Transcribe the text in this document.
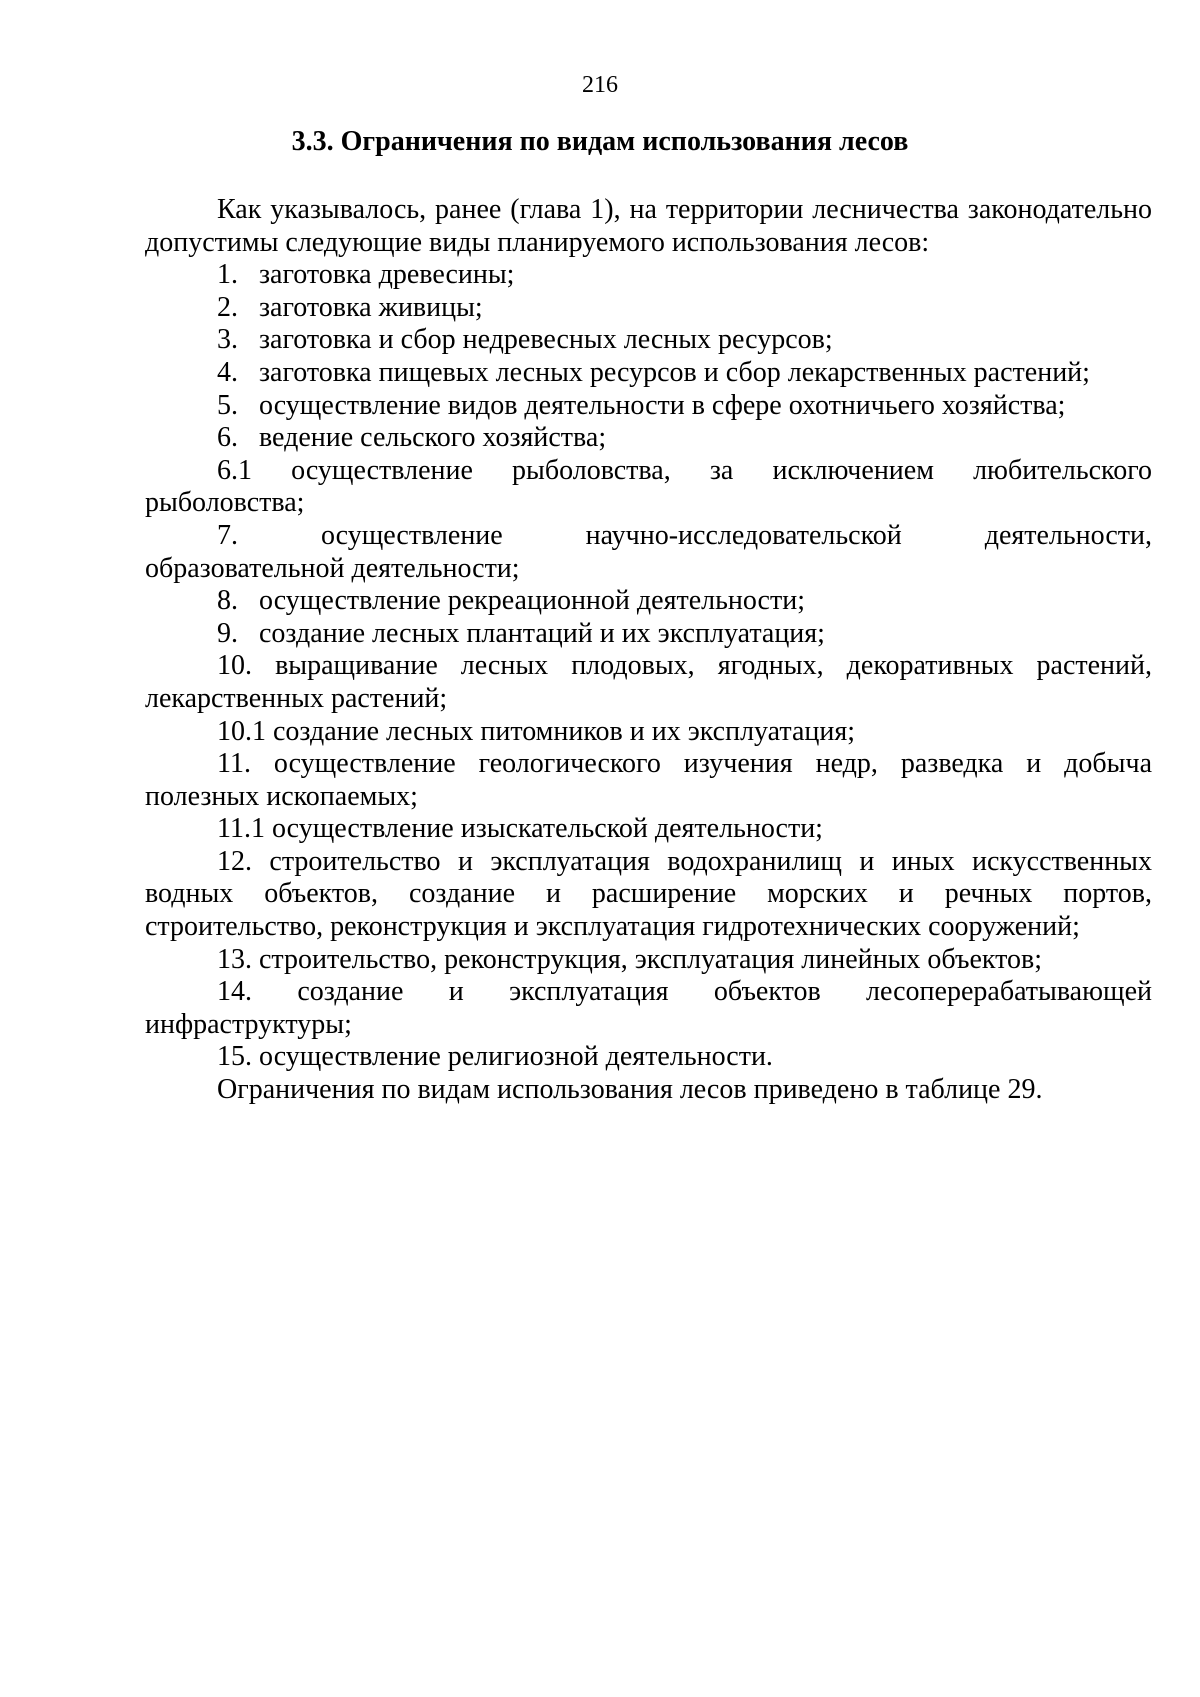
216
3.3. Ограничения по видам использования лесов

Как указывалось, ранее (глава 1), на территории лесничества законодательно допустимы следующие виды планируемого использования лесов:

1. заготовка древесины;
2. заготовка живицы;
3. заготовка и сбор недревесных лесных ресурсов;
4. заготовка пищевых лесных ресурсов и сбор лекарственных растений;
5. осуществление видов деятельности в сфере охотничьего хозяйства;
6. ведение сельского хозяйства;

6.1 осуществление рыболовства, за исключением любительского

рыболовства;

7. осуществление научно-исследовательской деятельности,

образовательной деятельности;

8. осуществление рекреационной деятельности;
9. создание лесных плантаций и их эксплуатация;

10. выращивание лесных плодовых, ягодных, декоративных растений,

лекарственных растений;

10.1 создание лесных питомников и их эксплуатация;

11. осуществление геологического изучения недр, разведка и добыча

полезных ископаемых;

11.1 осуществление изыскательской деятельности;

12. строительство и эксплуатация водохранилищ и иных искусственных

водных объектов, создание и расширение морских и речных портов,

строительство, реконструкция и эксплуатация гидротехнических сооружений;

13. строительство, реконструкция, эксплуатация линейных объектов;

14. создание и эксплуатация объектов лесоперерабатывающей

инфраструктуры;

15. осуществление религиозной деятельности.

Ограничения по видам использования лесов приведено в таблице 29.
